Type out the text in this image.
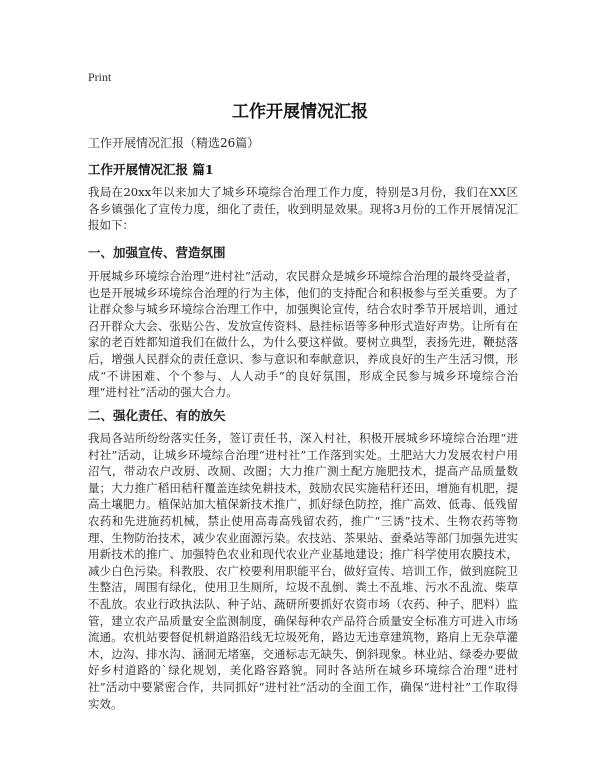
Print
工作开展情况汇报
工作开展情况汇报（精选26篇）
工作开展情况汇报 篇1

我局在20xx年以来加大了城乡环境综合治理工作力度，特别是3月份，我们在XX区各乡镇强化了宣传力度，细化了责任，收到明显效果。现将3月份的工作开展情况汇报如下：

一、加强宣传、营造氛围

开展城乡环境综合治理“进村社”活动，农民群众是城乡环境综合治理的最终受益者，也是开展城乡环境综合治理的行为主体，他们的支持配合和积极参与至关重要。为了让群众参与城乡环境综合治理工作中，加强舆论宣传，结合农时季节开展培训，通过召开群众大会、张贴公告、发放宣传资料、悬挂标语等多种形式造好声势。让所有在家的老百姓都知道我们在做什么，为什么要这样做。要树立典型，表扬先进，鞭挞落后，增强人民群众的责任意识、参与意识和奉献意识，养成良好的生产生活习惯，形成“不讲困难、个个参与、人人动手”的良好氛围，形成全民参与城乡环境综合治理“进村社”活动的强大合力。

二、强化责任、有的放矢

我局各站所纷纷落实任务，签订责任书，深入村社，积极开展城乡环境综合治理“进村社”活动，让城乡环境综合治理“进村社”工作落到实处。土肥站大力发展农村户用沼气，带动农户改厨、改厕、改圈；大力推广测土配方施肥技术，提高产品质量数量；大力推广稻田秸秆覆盖连续免耕技术，鼓励农民实施秸秆还田，增施有机肥，提高土壤肥力。植保站加大植保新技术推广，抓好绿色防控，推广高效、低毒、低残留农药和先进施药机械，禁止使用高毒高残留农药，推广“三诱”技术、生物农药等物理、生物防治技术，减少农业面源污染。农技站、茶果站、蚕桑站等部门加强先进实用新技术的推广、加强特色农业和现代农业产业基地建设；推广科学使用农膜技术，减少白色污染。科教股、农广校要利用职能平台，做好宣传、培训工作，做到庭院卫生整洁，周围有绿化，使用卫生厕所，垃圾不乱倒、粪土不乱堆、污水不乱流、柴草不乱放。农业行政执法队、种子站、蔬研所要抓好农资市场（农药、种子、肥料）监管，建立农产品质量安全监测制度，确保每种农产品符合质量安全标准方可进入市场流通。农机站要督促机耕道路沿线无垃圾死角，路边无违章建筑物，路肩上无杂草灌木，边沟、排水沟、涵洞无堵塞，交通标志无缺失、倒斜现象。林业站、绿委办要做好乡村道路的`绿化规划，美化路容路貌。同时各站所在城乡环境综合治理“进村社”活动中要紧密合作，共同抓好“进村社”活动的全面工作，确保“进村社”工作取得实效。
